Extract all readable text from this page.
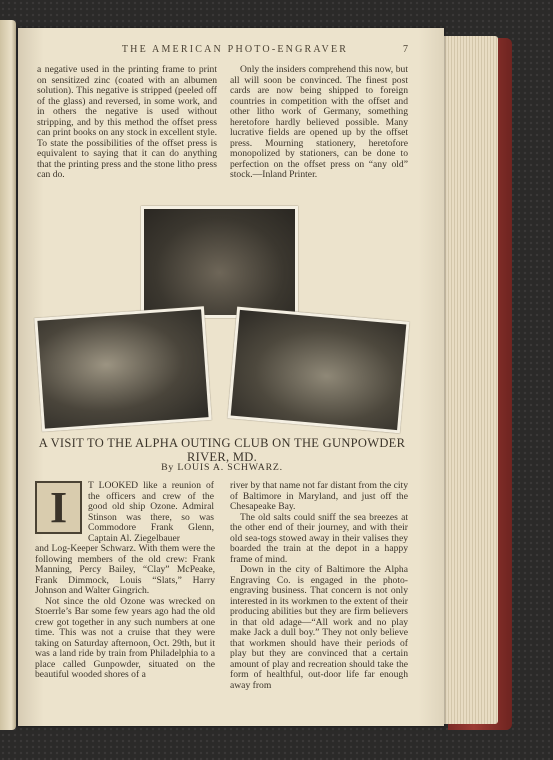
THE AMERICAN PHOTO-ENGRAVER	7

a negative used in the printing frame to print on sensitized zinc (coated with an albumen solution). This negative is stripped (peeled off of the glass) and reversed, in some work, and in others the negative is used without stripping, and by this method the offset press can print books on any stock in excellent style. To state the possibilities of the offset press is equivalent to saying that it can do anything that the printing press and the stone litho press can do.

Only the insiders comprehend this now, but all will soon be convinced. The finest post cards are now being shipped to foreign countries in competition with the offset and other litho work of Germany, something heretofore hardly believed possible. Many lucrative fields are opened up by the offset press. Mourning stationery, heretofore monopolized by stationers, can be done to perfection on the offset press on “any old” stock.—Inland Printer.

A VISIT TO THE ALPHA OUTING CLUB ON THE GUNPOWDER RIVER, MD.
By LOUIS A. SCHWARZ.
I T LOOKED like a reunion of the officers and crew of the good old ship Ozone. Admiral Stinson was there, so was Commodore Frank Glenn, Captain Al. Ziegelbauer

and Log-Keeper Schwarz. With them were the following members of the old crew: Frank Manning, Percy Bailey, “Clay” McPeake, Frank Dimmock, Louis “Slats,” Harry Johnson and Walter Gingrich.

Not since the old Ozone was wrecked on Stoerrle’s Bar some few years ago had the old crew got together in any such numbers at one time. This was not a cruise that they were taking on Saturday afternoon, Oct. 29th, but it was a land ride by train from Philadelphia to a place called Gunpowder, situated on the beautiful wooded shores of a

river by that name not far distant from the city of Baltimore in Maryland, and just off the Chesapeake Bay.

The old salts could sniff the sea breezes at the other end of their journey, and with their old sea-togs stowed away in their valises they boarded the train at the depot in a happy frame of mind.

Down in the city of Baltimore the Alpha Engraving Co. is engaged in the photo-engraving business. That concern is not only interested in its workmen to the extent of their producing abilities but they are firm believers in that old adage—“All work and no play make Jack a dull boy.” They not only believe that workmen should have their periods of play but they are convinced that a certain amount of play and recreation should take the form of healthful, out-door life far enough away from
